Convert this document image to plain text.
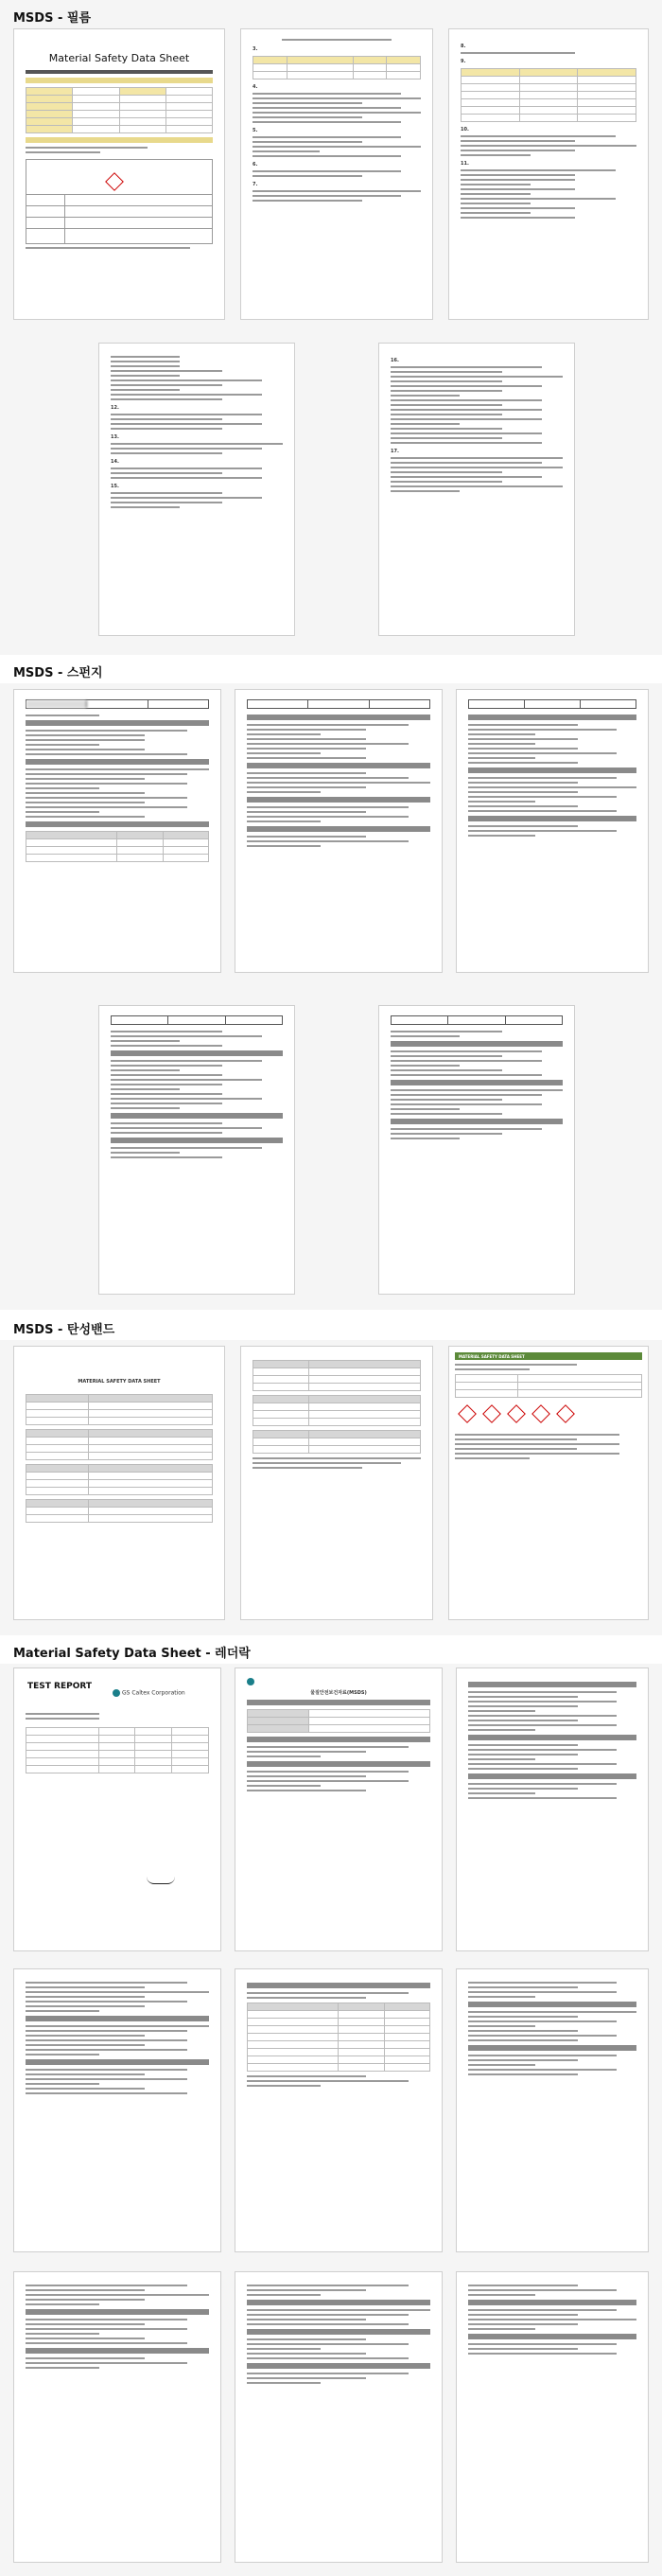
MSDS - 필름
Material Safety Data Sheet
3.
4.
5.
6.
7.
8.
9.
10.
11.
12.
13.
14.
15.
16.
17.
MSDS - 스펀지
MSDS - 탄성밴드
MATERIAL SAFETY DATA SHEET
MATERIAL SAFETY DATA SHEET
Material Safety Data Sheet - 레더락
TEST REPORT
GS Caltex Corporation	물질안전보건자료(MSDS)
